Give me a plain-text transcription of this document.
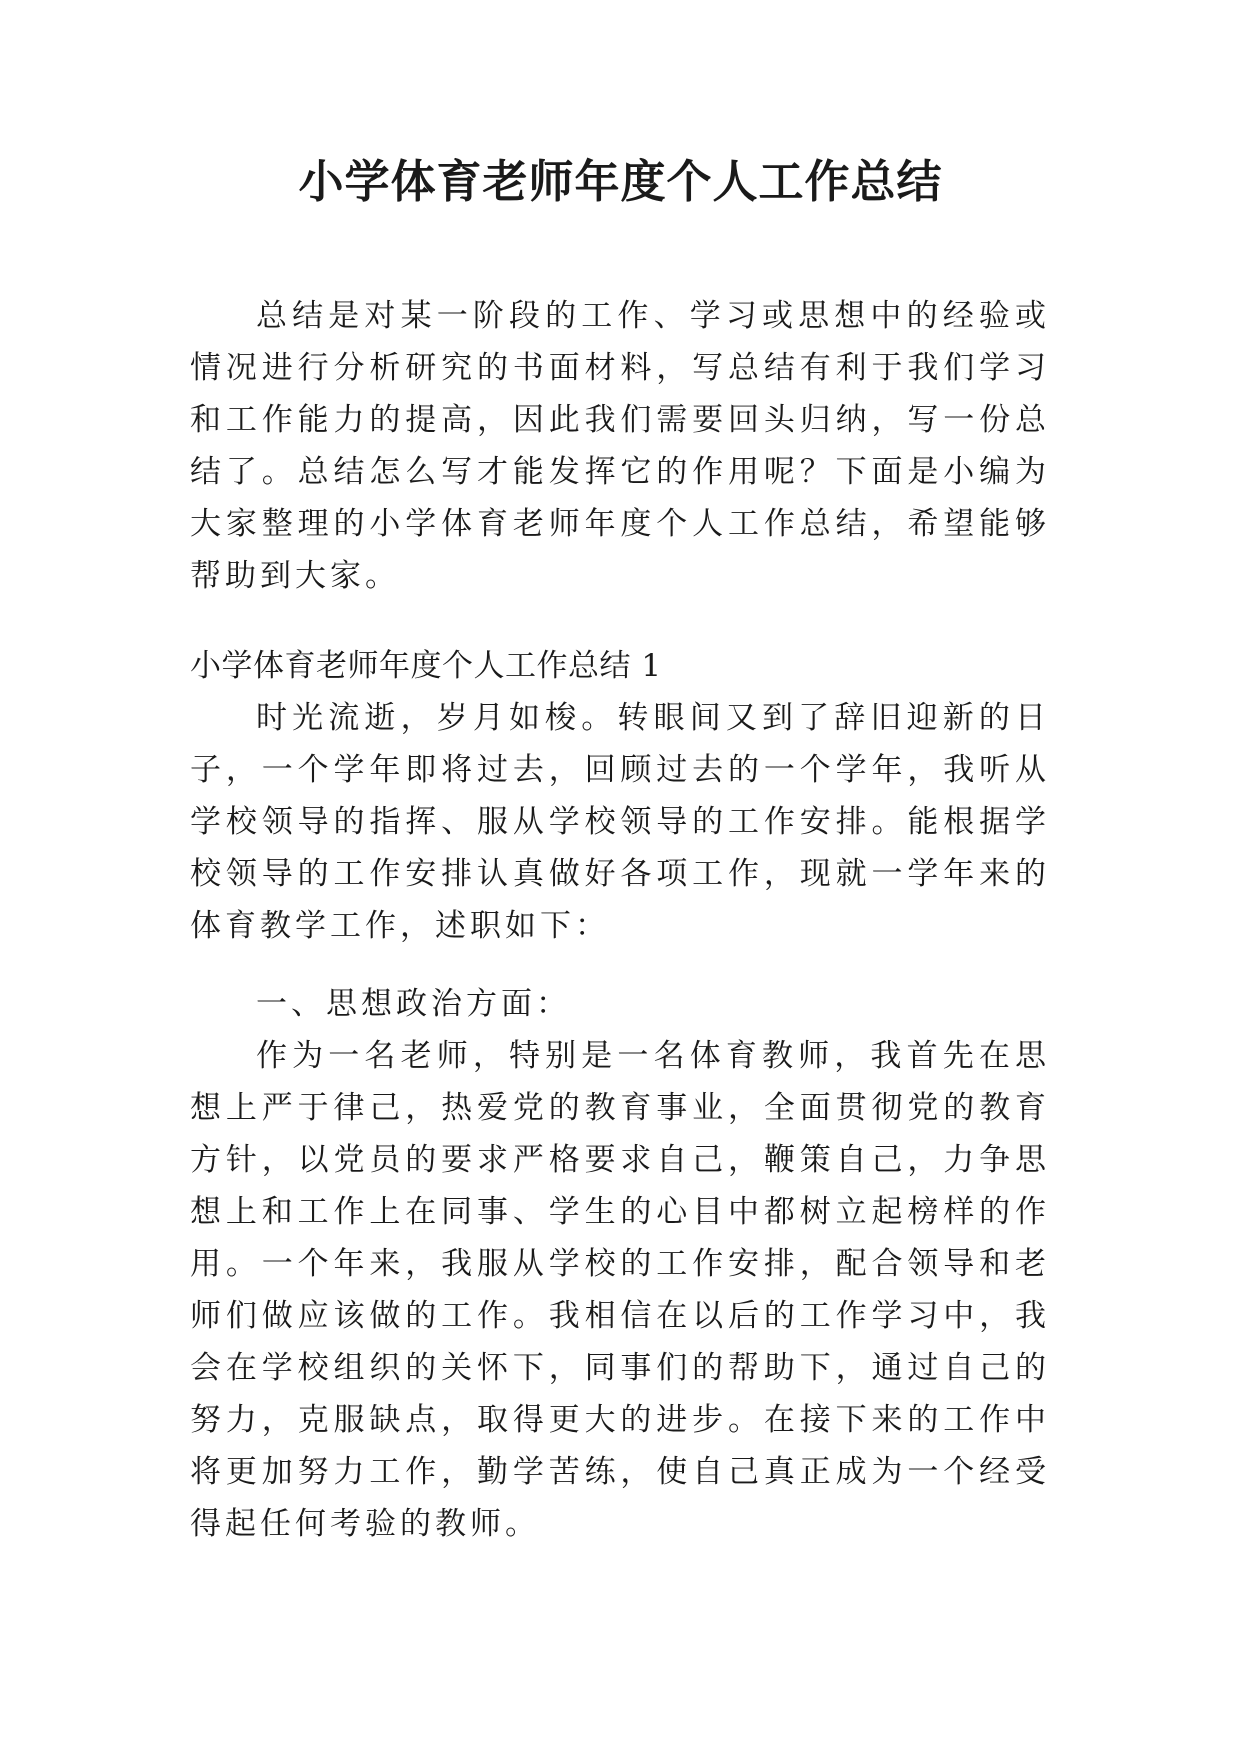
小学体育老师年度个人工作总结

总结是对某一阶段的工作、学习或思想中的经验或情况进行分析研究的书面材料，写总结有利于我们学习和工作能力的提高，因此我们需要回头归纳，写一份总结了。总结怎么写才能发挥它的作用呢？下面是小编为大家整理的小学体育老师年度个人工作总结，希望能够帮助到大家。

小学体育老师年度个人工作总结 1

时光流逝，岁月如梭。转眼间又到了辞旧迎新的日子，一个学年即将过去，回顾过去的一个学年，我听从学校领导的指挥、服从学校领导的工作安排。能根据学校领导的工作安排认真做好各项工作，现就一学年来的体育教学工作，述职如下：

一、思想政治方面：

作为一名老师，特别是一名体育教师，我首先在思想上严于律己，热爱党的教育事业，全面贯彻党的教育方针，以党员的要求严格要求自己，鞭策自己，力争思想上和工作上在同事、学生的心目中都树立起榜样的作用。一个年来，我服从学校的工作安排，配合领导和老师们做应该做的工作。我相信在以后的工作学习中，我会在学校组织的关怀下，同事们的帮助下，通过自己的努力，克服缺点，取得更大的进步。在接下来的工作中将更加努力工作，勤学苦练，使自己真正成为一个经受得起任何考验的教师。
